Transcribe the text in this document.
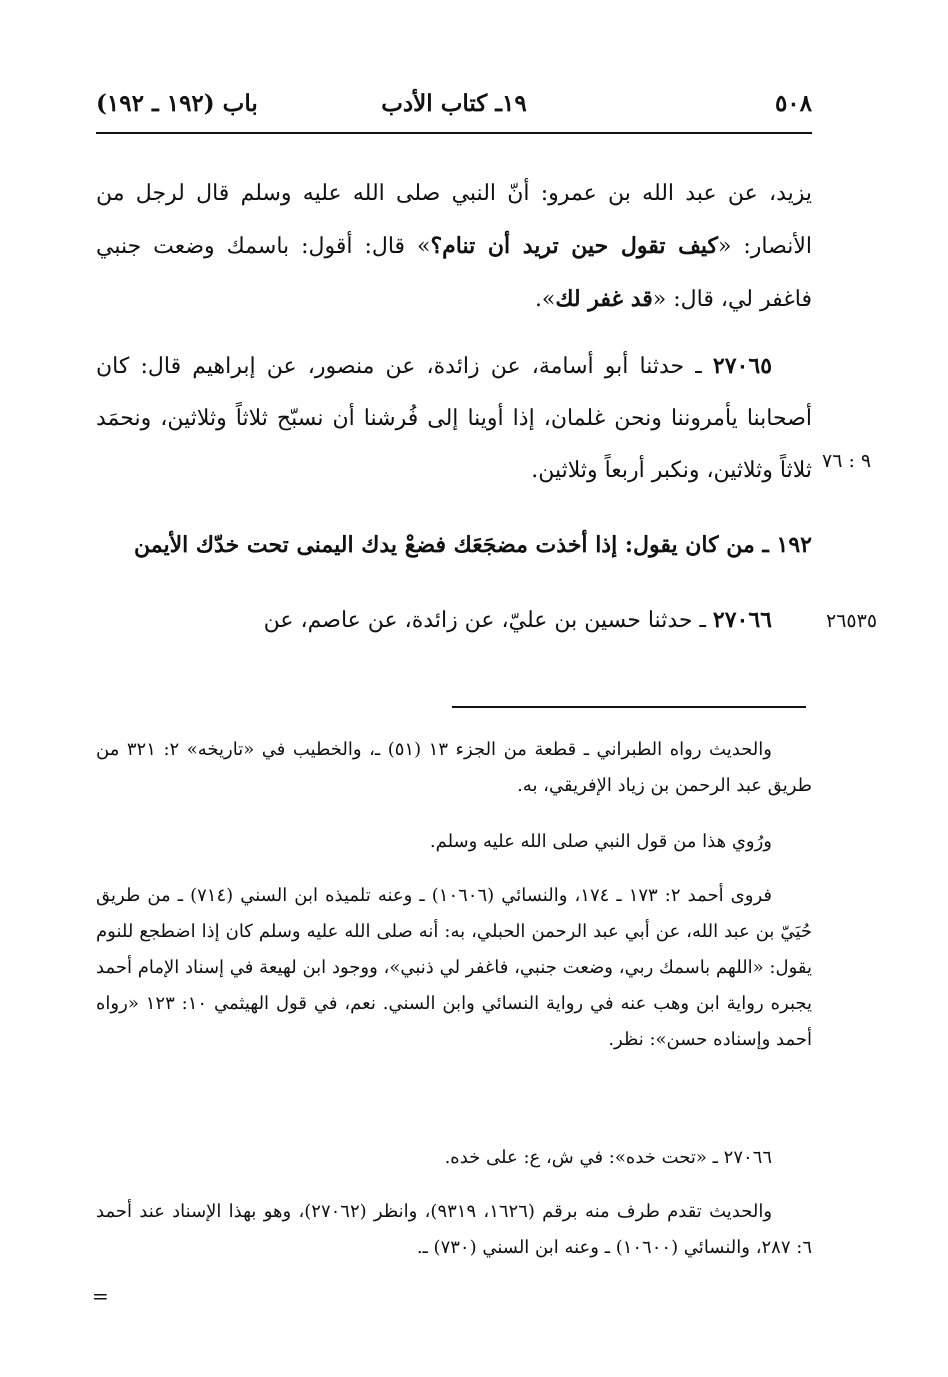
٥٠٨
١٩ـ كتاب الأدب
باب (١٩٢ ـ ١٩٢)
يزيد، عن عبد الله بن عمرو: أنّ النبي صلى الله عليه وسلم قال لرجل من الأنصار: «كيف تقول حين تريد أن تنام؟» قال: أقول: باسمك وضعت جنبي فاغفر لي، قال: «قد غفر لك».
٢٧٠٦٥ ـ حدثنا أبو أسامة، عن زائدة، عن منصور، عن إبراهيم قال: كان أصحابنا يأمروننا ونحن غلمان، إذا أوينا إلى فُرشنا أن نسبّح ثلاثاً وثلاثين، ونحمَد ثلاثاً وثلاثين، ونكبر أربعاً وثلاثين. ٩ : ٧٦
١٩٢ ـ من كان يقول: إذا أخذت مضجَعَك فضعْ يدك اليمنى تحت خدّك الأيمن
٢٧٠٦٦ ـ حدثنا حسين بن عليّ، عن زائدة، عن عاصم، عن	٢٦٥٣٥
والحديث رواه الطبراني ـ قطعة من الجزء ١٣ (٥١) ـ، والخطيب في «تاريخه» ٢: ٣٢١ من طريق عبد الرحمن بن زياد الإفريقي، به.
ورُوي هذا من قول النبي صلى الله عليه وسلم.
فروى أحمد ٢: ١٧٣ ـ ١٧٤، والنسائي (١٠٦٠٦) ـ وعنه تلميذه ابن السني (٧١٤) ـ من طريق حُيَيّ بن عبد الله، عن أبي عبد الرحمن الحبلي، به: أنه صلى الله عليه وسلم كان إذا اضطجع للنوم يقول: «اللهم باسمك ربي، وضعت جنبي، فاغفر لي ذنبي»، ووجود ابن لهيعة في إسناد الإمام أحمد يجبره رواية ابن وهب عنه في رواية النسائي وابن السني. نعم، في قول الهيثمي ١٠: ١٢٣ «رواه أحمد وإسناده حسن»: نظر.
٢٧٠٦٦ ـ «تحت خده»: في ش، ع: على خده.
والحديث تقدم طرف منه برقم (١٦٢٦، ٩٣١٩)، وانظر (٢٧٠٦٢)، وهو بهذا الإسناد عند أحمد ٦: ٢٨٧، والنسائي (١٠٦٠٠) ـ وعنه ابن السني (٧٣٠) ـ.
=
